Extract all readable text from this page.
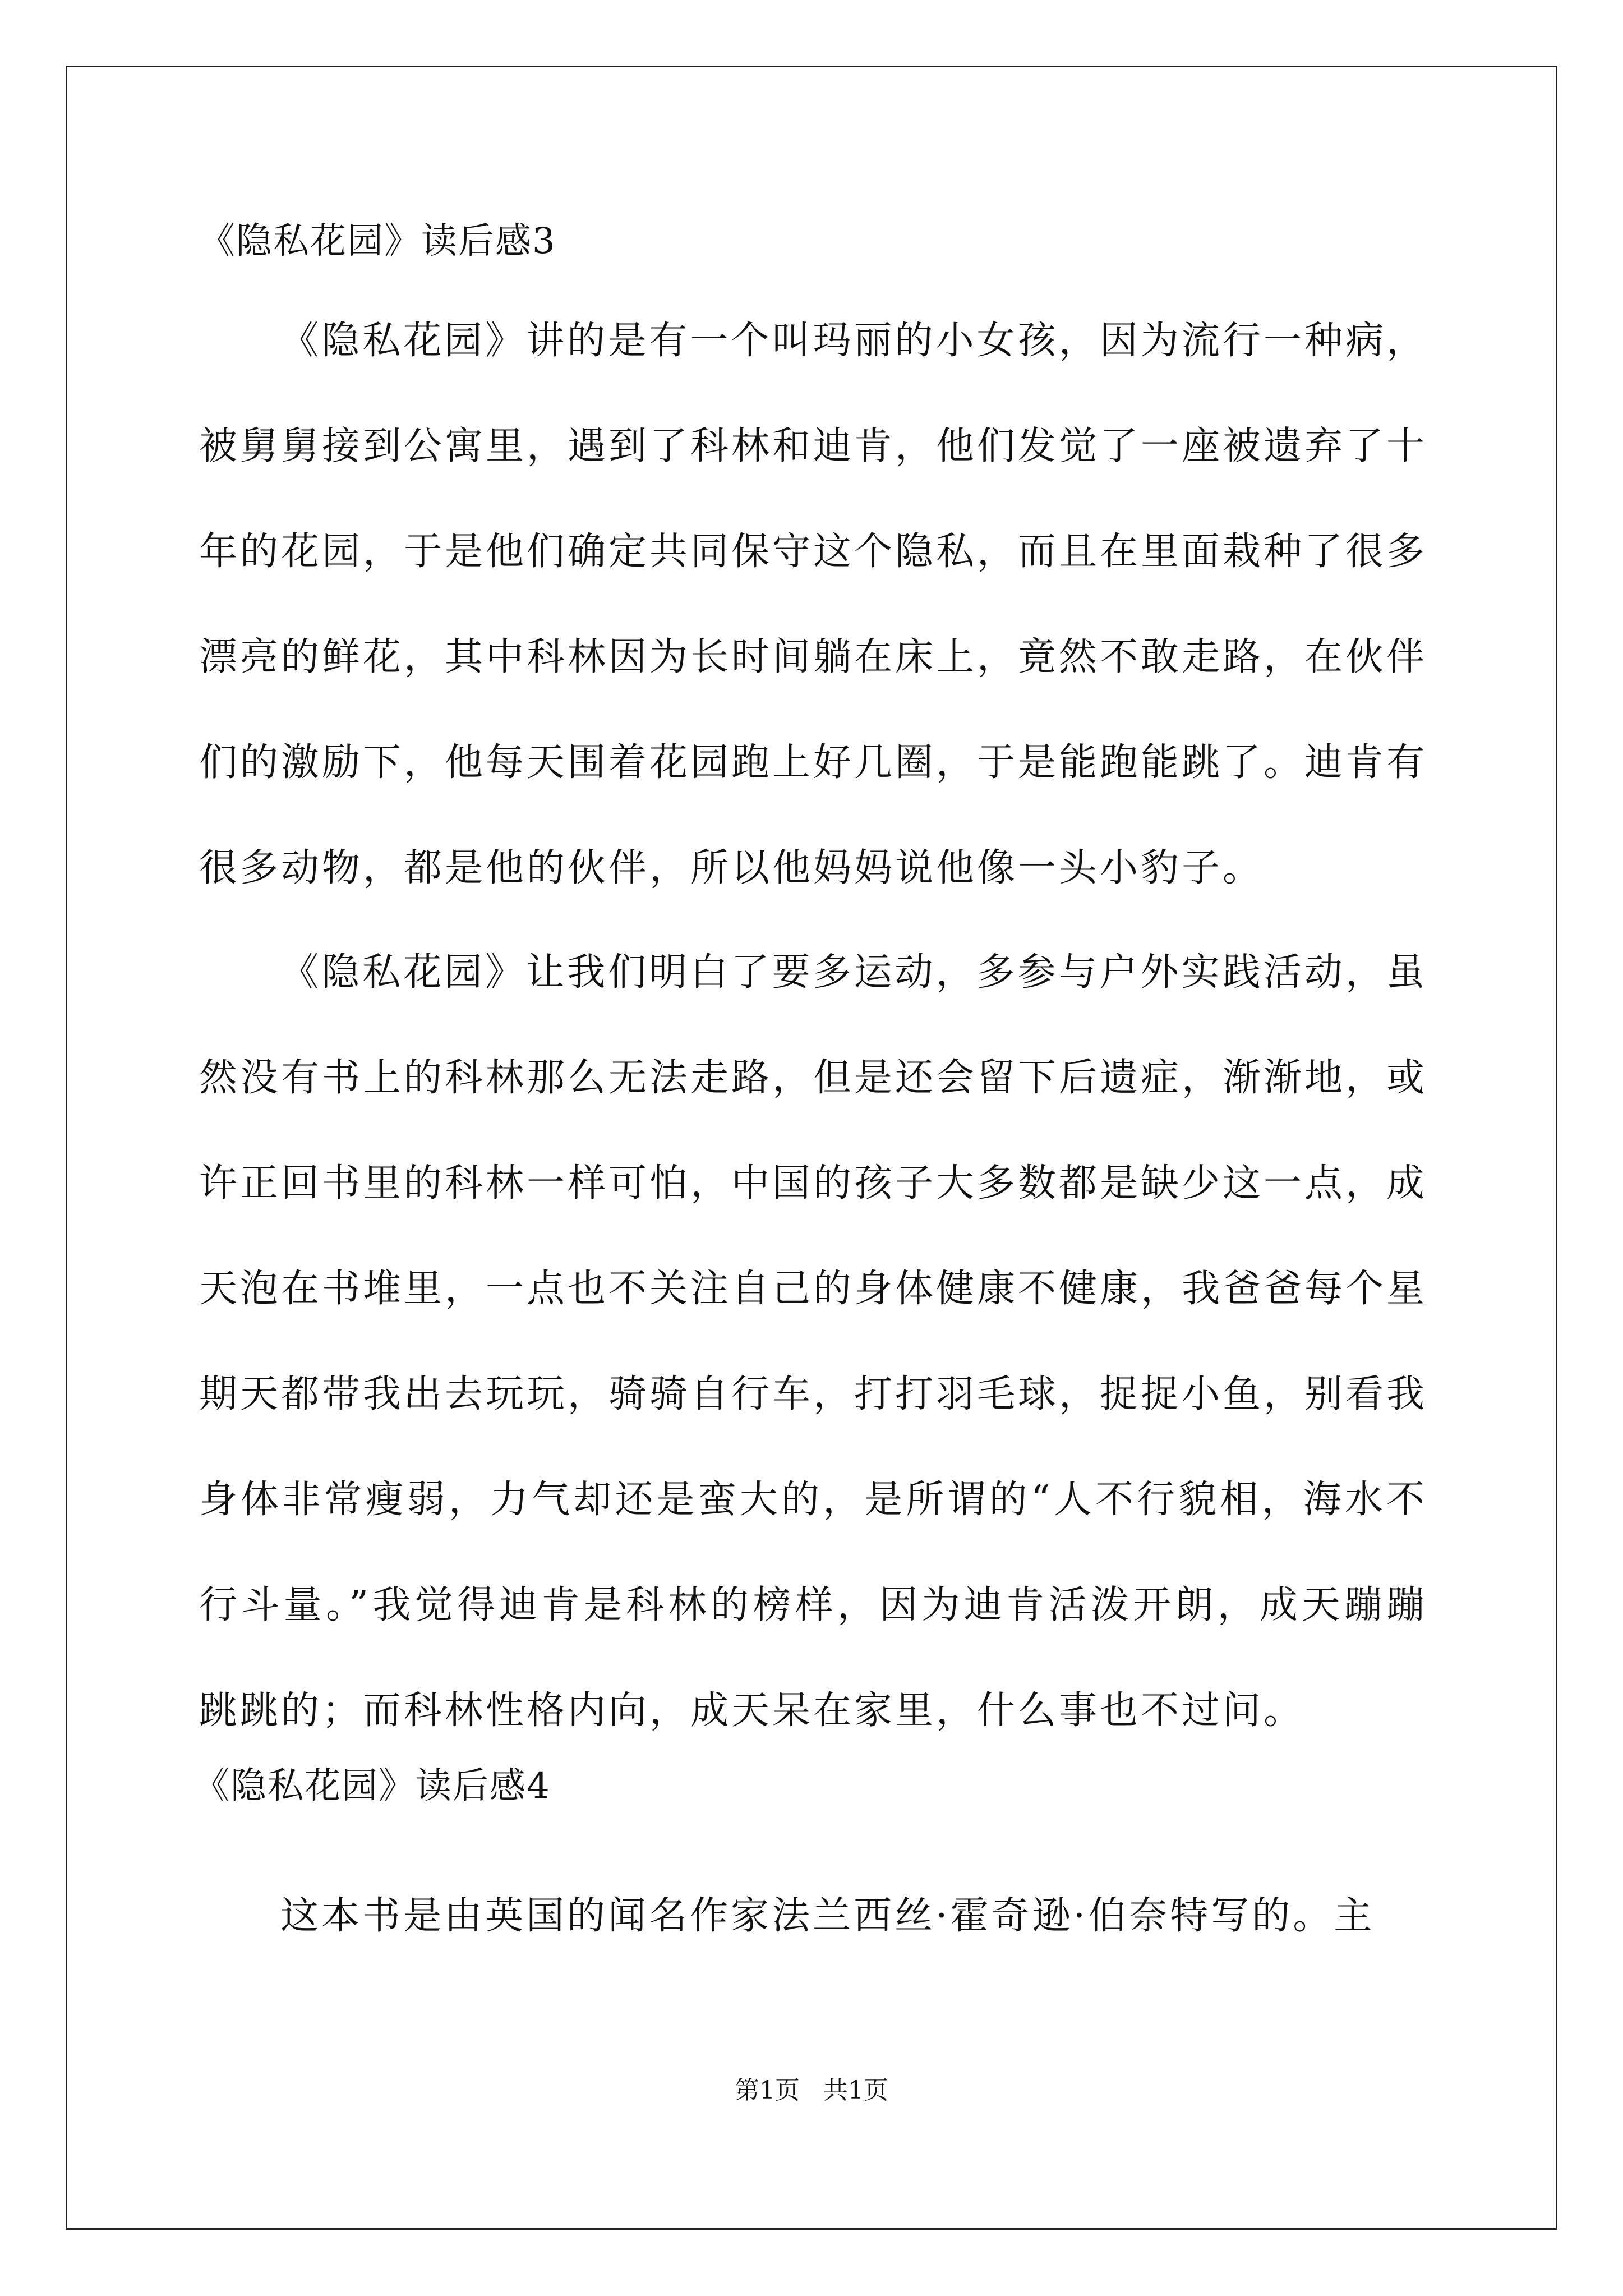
《隐私花园》读后感3

《隐私花园》讲的是有一个叫玛丽的小女孩，因为流行一种病，被舅舅接到公寓里，遇到了科林和迪肯，他们发觉了一座被遗弃了十年的花园，于是他们确定共同保守这个隐私，而且在里面栽种了很多漂亮的鲜花，其中科林因为长时间躺在床上，竟然不敢走路，在伙伴们的激励下，他每天围着花园跑上好几圈，于是能跑能跳了。迪肯有很多动物，都是他的伙伴，所以他妈妈说他像一头小豹子。

《隐私花园》让我们明白了要多运动，多参与户外实践活动，虽然没有书上的科林那么无法走路，但是还会留下后遗症，渐渐地，或许正回书里的科林一样可怕，中国的孩子大多数都是缺少这一点，成天泡在书堆里，一点也不关注自己的身体健康不健康，我爸爸每个星期天都带我出去玩玩，骑骑自行车，打打羽毛球，捉捉小鱼，别看我身体非常瘦弱，力气却还是蛮大的，是所谓的“人不行貌相，海水不行斗量。”我觉得迪肯是科林的榜样，因为迪肯活泼开朗，成天蹦蹦跳跳的；而科林性格内向，成天呆在家里，什么事也不过问。

《隐私花园》读后感4

这本书是由英国的闻名作家法兰西丝·霍奇逊·伯奈特写的。主

第1页   共1页
